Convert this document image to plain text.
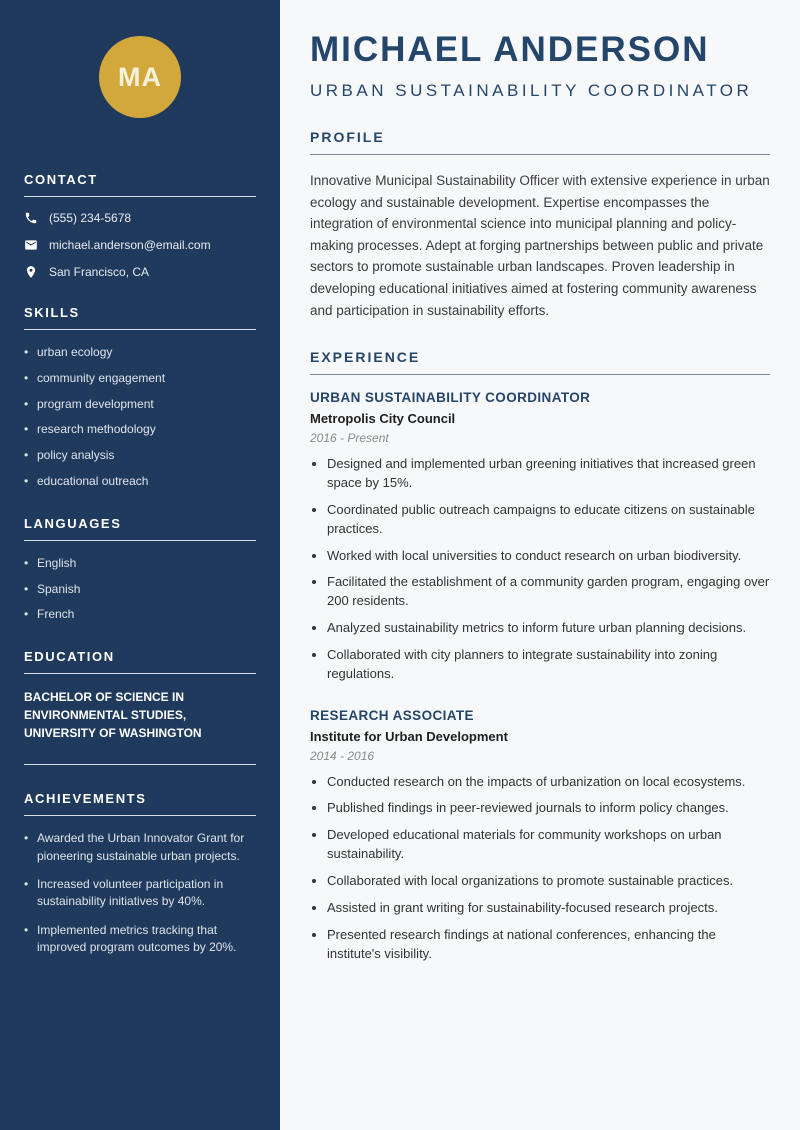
MA
CONTACT
(555) 234-5678
michael.anderson@email.com
San Francisco, CA
SKILLS
• urban ecology
• community engagement
• program development
• research methodology
• policy analysis
• educational outreach
LANGUAGES
• English
• Spanish
• French
EDUCATION
BACHELOR OF SCIENCE IN ENVIRONMENTAL STUDIES, UNIVERSITY OF WASHINGTON
ACHIEVEMENTS
• Awarded the Urban Innovator Grant for pioneering sustainable urban projects.
• Increased volunteer participation in sustainability initiatives by 40%.
• Implemented metrics tracking that improved program outcomes by 20%.
MICHAEL ANDERSON
URBAN SUSTAINABILITY COORDINATOR
PROFILE

Innovative Municipal Sustainability Officer with extensive experience in urban ecology and sustainable development. Expertise encompasses the integration of environmental science into municipal planning and policy-making processes. Adept at forging partnerships between public and private sectors to promote sustainable urban landscapes. Proven leadership in developing educational initiatives aimed at fostering community awareness and participation in sustainability efforts.

EXPERIENCE
URBAN SUSTAINABILITY COORDINATOR
Metropolis City Council
2016 - Present
• Designed and implemented urban greening initiatives that increased green space by 15%.
• Coordinated public outreach campaigns to educate citizens on sustainable practices.
• Worked with local universities to conduct research on urban biodiversity.
• Facilitated the establishment of a community garden program, engaging over 200 residents.
• Analyzed sustainability metrics to inform future urban planning decisions.
• Collaborated with city planners to integrate sustainability into zoning regulations.
RESEARCH ASSOCIATE
Institute for Urban Development
2014 - 2016
• Conducted research on the impacts of urbanization on local ecosystems.
• Published findings in peer-reviewed journals to inform policy changes.
• Developed educational materials for community workshops on urban sustainability.
• Collaborated with local organizations to promote sustainable practices.
• Assisted in grant writing for sustainability-focused research projects.
• Presented research findings at national conferences, enhancing the institute's visibility.
